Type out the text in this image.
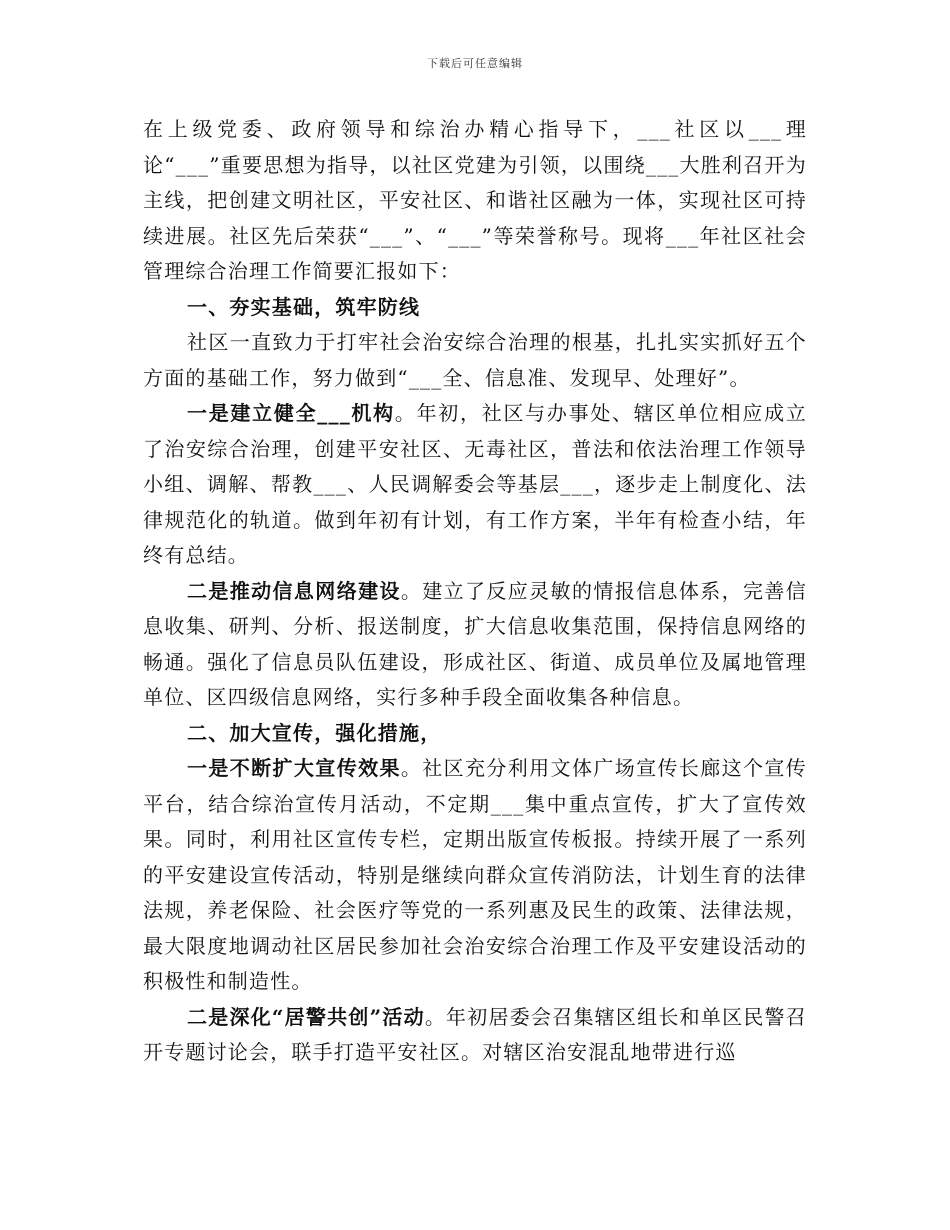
下载后可任意编辑

在上级党委、政府领导和综治办精心指导下，___社区以___理论“___”重要思想为指导，以社区党建为引领，以围绕___大胜利召开为主线，把创建文明社区，平安社区、和谐社区融为一体，实现社区可持续进展。社区先后荣获“___”、“___”等荣誉称号。现将___年社区社会管理综合治理工作简要汇报如下：

一、夯实基础，筑牢防线

社区一直致力于打牢社会治安综合治理的根基，扎扎实实抓好五个方面的基础工作，努力做到“___全、信息准、发现早、处理好”。

一是建立健全___机构。年初，社区与办事处、辖区单位相应成立了治安综合治理，创建平安社区、无毒社区，普法和依法治理工作领导小组、调解、帮教___、人民调解委会等基层___，逐步走上制度化、法律规范化的轨道。做到年初有计划，有工作方案，半年有检查小结，年终有总结。

二是推动信息网络建设。建立了反应灵敏的情报信息体系，完善信息收集、研判、分析、报送制度，扩大信息收集范围，保持信息网络的畅通。强化了信息员队伍建设，形成社区、街道、成员单位及属地管理单位、区四级信息网络，实行多种手段全面收集各种信息。

二、加大宣传，强化措施，

一是不断扩大宣传效果。社区充分利用文体广场宣传长廊这个宣传平台，结合综治宣传月活动，不定期___集中重点宣传，扩大了宣传效果。同时，利用社区宣传专栏，定期出版宣传板报。持续开展了一系列的平安建设宣传活动，特别是继续向群众宣传消防法，计划生育的法律法规，养老保险、社会医疗等党的一系列惠及民生的政策、法律法规，最大限度地调动社区居民参加社会治安综合治理工作及平安建设活动的积极性和制造性。

二是深化“居警共创”活动。年初居委会召集辖区组长和单区民警召开专题讨论会，联手打造平安社区。对辖区治安混乱地带进行巡
